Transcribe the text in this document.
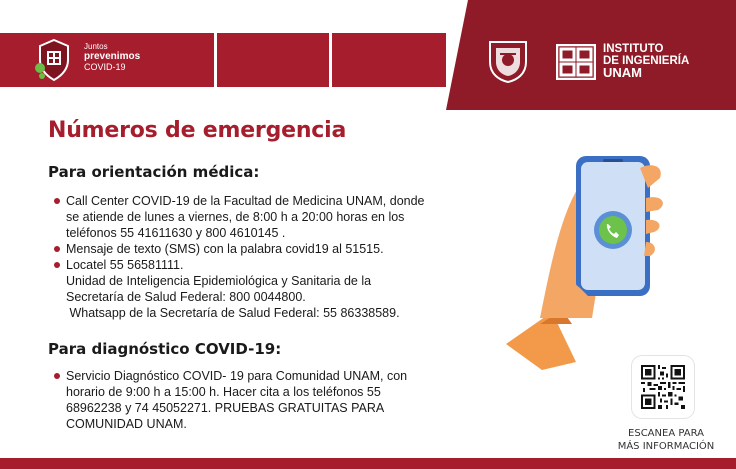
Juntos
prevenimos
COVID-19
INSTITUTO
DE INGENIERÍA
UNAM
Números de emergencia
Para orientación médica:
Call Center COVID-19 de la Facultad de Medicina UNAM, donde
se atiende de lunes a viernes, de 8:00 h a 20:00 horas en los
teléfonos 55 41611630 y 800 4610145 .
Mensaje de texto (SMS) con la palabra covid19 al 51515.
Locatel 55 56581111.
Unidad de Inteligencia Epidemiológica y Sanitaria de la
Secretaría de Salud Federal: 800 0044800.
Whatsapp de la Secretaría de Salud Federal: 55 86338589.
Para diagnóstico COVID-19:
Servicio Diagnóstico COVID- 19 para Comunidad UNAM, con
horario de 9:00 h a 15:00 h. Hacer cita a los teléfonos 55
68962238 y 74 45052271. PRUEBAS GRATUITAS PARA
COMUNIDAD UNAM.
ESCANEA PARA
MÁS INFORMACIÓN
